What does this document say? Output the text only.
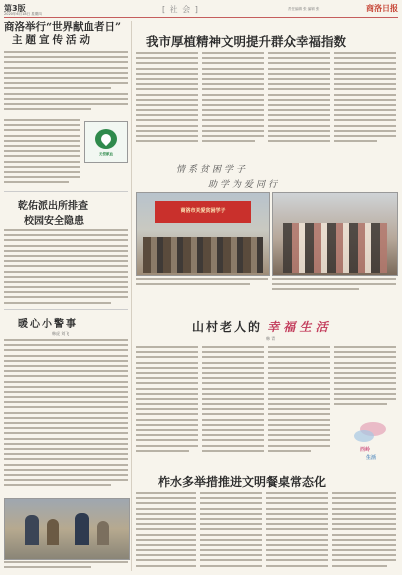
第3版
2020年6月18日 星期四	[ 社 会 ]	责任编辑 张 编辑 张	商洛日报
商洛举行“世界献血者日”
主题宣传活动
无偿献血
乾佑派出所排查
校园安全隐患
暖心小警事
韩虎 刘飞
我市厚植精神文明提升群众幸福指数
情系贫困学子
助学为爱同行
商洛市关爱贫困学子
山村老人的 幸 福 生 活
韩 青
西岭
生活
柞水多举措推进文明餐桌常态化
